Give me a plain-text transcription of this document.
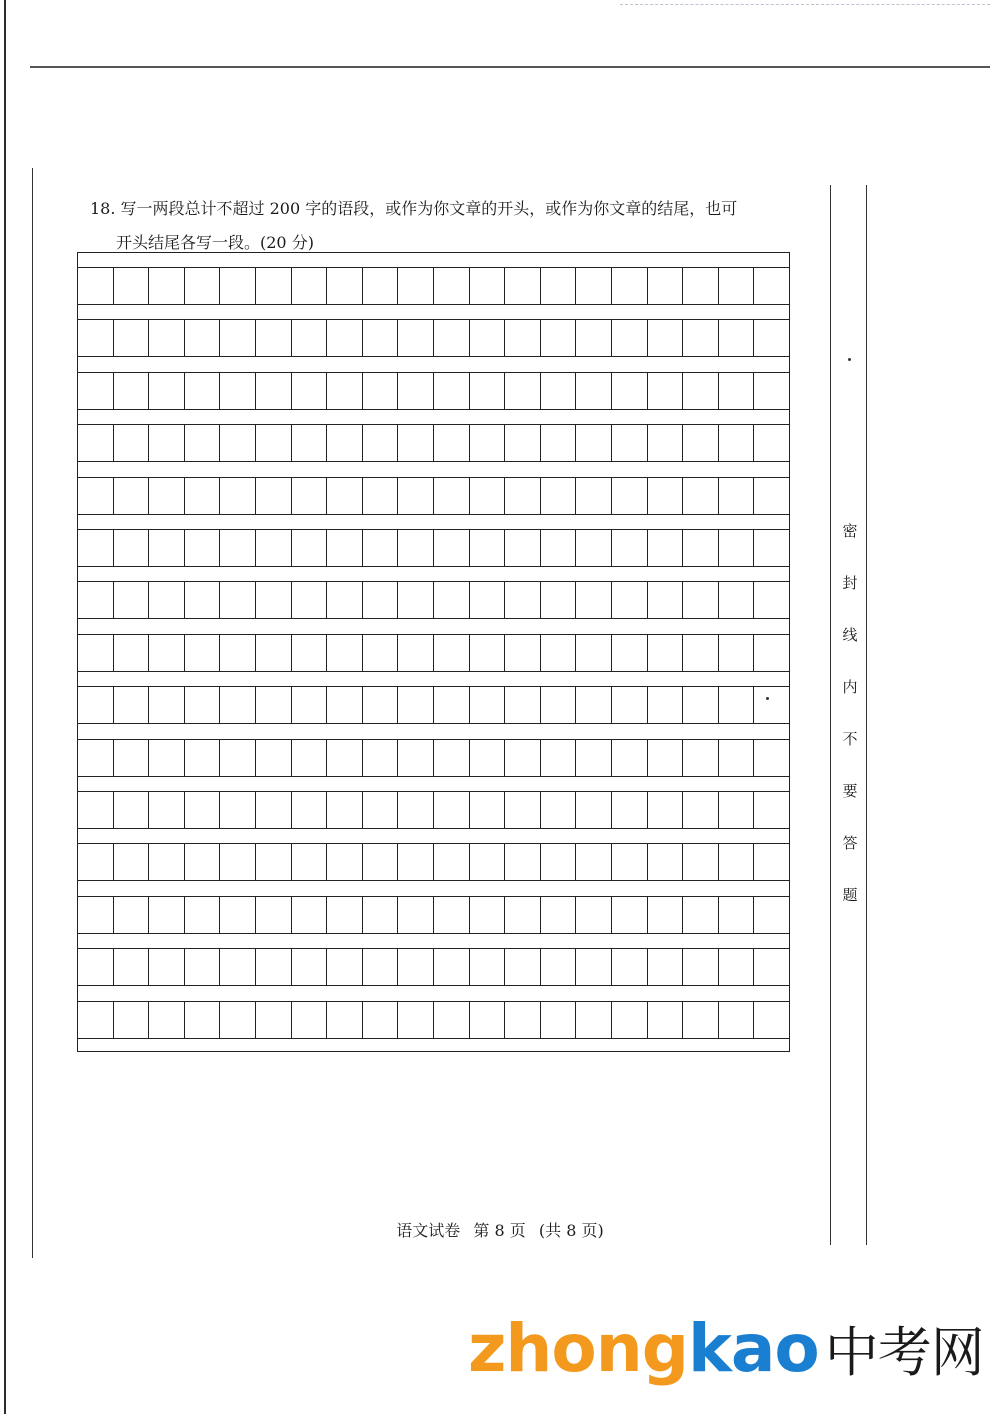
18. 写一两段总计不超过 200 字的语段，或作为你文章的开头，或作为你文章的结尾，也可
开头结尾各写一段。(20 分)
密
封
线
内
不
要
答
题
语文试卷 第 8 页 (共 8 页)
zhongkao 中考网
